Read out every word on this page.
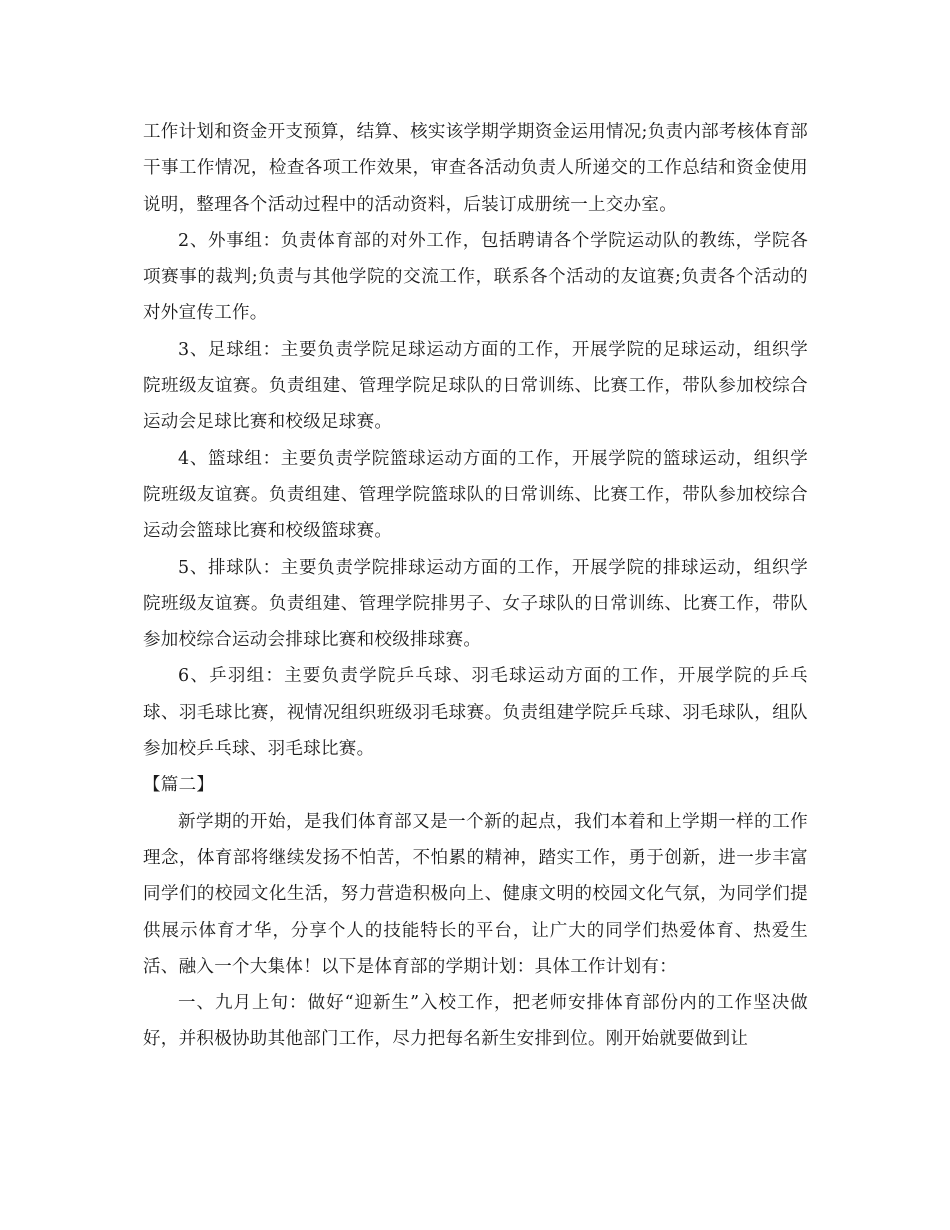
工作计划和资金开支预算，结算、核实该学期学期资金运用情况;负责内部考核体育部干事工作情况，检查各项工作效果，审查各活动负责人所递交的工作总结和资金使用说明，整理各个活动过程中的活动资料，后装订成册统一上交办室。

2、外事组：负责体育部的对外工作，包括聘请各个学院运动队的教练，学院各项赛事的裁判;负责与其他学院的交流工作，联系各个活动的友谊赛;负责各个活动的对外宣传工作。

3、足球组：主要负责学院足球运动方面的工作，开展学院的足球运动，组织学院班级友谊赛。负责组建、管理学院足球队的日常训练、比赛工作，带队参加校综合运动会足球比赛和校级足球赛。

4、篮球组：主要负责学院篮球运动方面的工作，开展学院的篮球运动，组织学院班级友谊赛。负责组建、管理学院篮球队的日常训练、比赛工作，带队参加校综合运动会篮球比赛和校级篮球赛。

5、排球队：主要负责学院排球运动方面的工作，开展学院的排球运动，组织学院班级友谊赛。负责组建、管理学院排男子、女子球队的日常训练、比赛工作，带队参加校综合运动会排球比赛和校级排球赛。

6、乒羽组：主要负责学院乒乓球、羽毛球运动方面的工作，开展学院的乒乓球、羽毛球比赛，视情况组织班级羽毛球赛。负责组建学院乒乓球、羽毛球队，组队参加校乒乓球、羽毛球比赛。

【篇二】

新学期的开始，是我们体育部又是一个新的起点，我们本着和上学期一样的工作理念，体育部将继续发扬不怕苦，不怕累的精神，踏实工作，勇于创新，进一步丰富同学们的校园文化生活，努力营造积极向上、健康文明的校园文化气氛，为同学们提供展示体育才华，分享个人的技能特长的平台，让广大的同学们热爱体育、热爱生活、融入一个大集体！以下是体育部的学期计划：具体工作计划有：

一、九月上旬：做好“迎新生”入校工作，把老师安排体育部份内的工作坚决做好，并积极协助其他部门工作，尽力把每名新生安排到位。刚开始就要做到让
